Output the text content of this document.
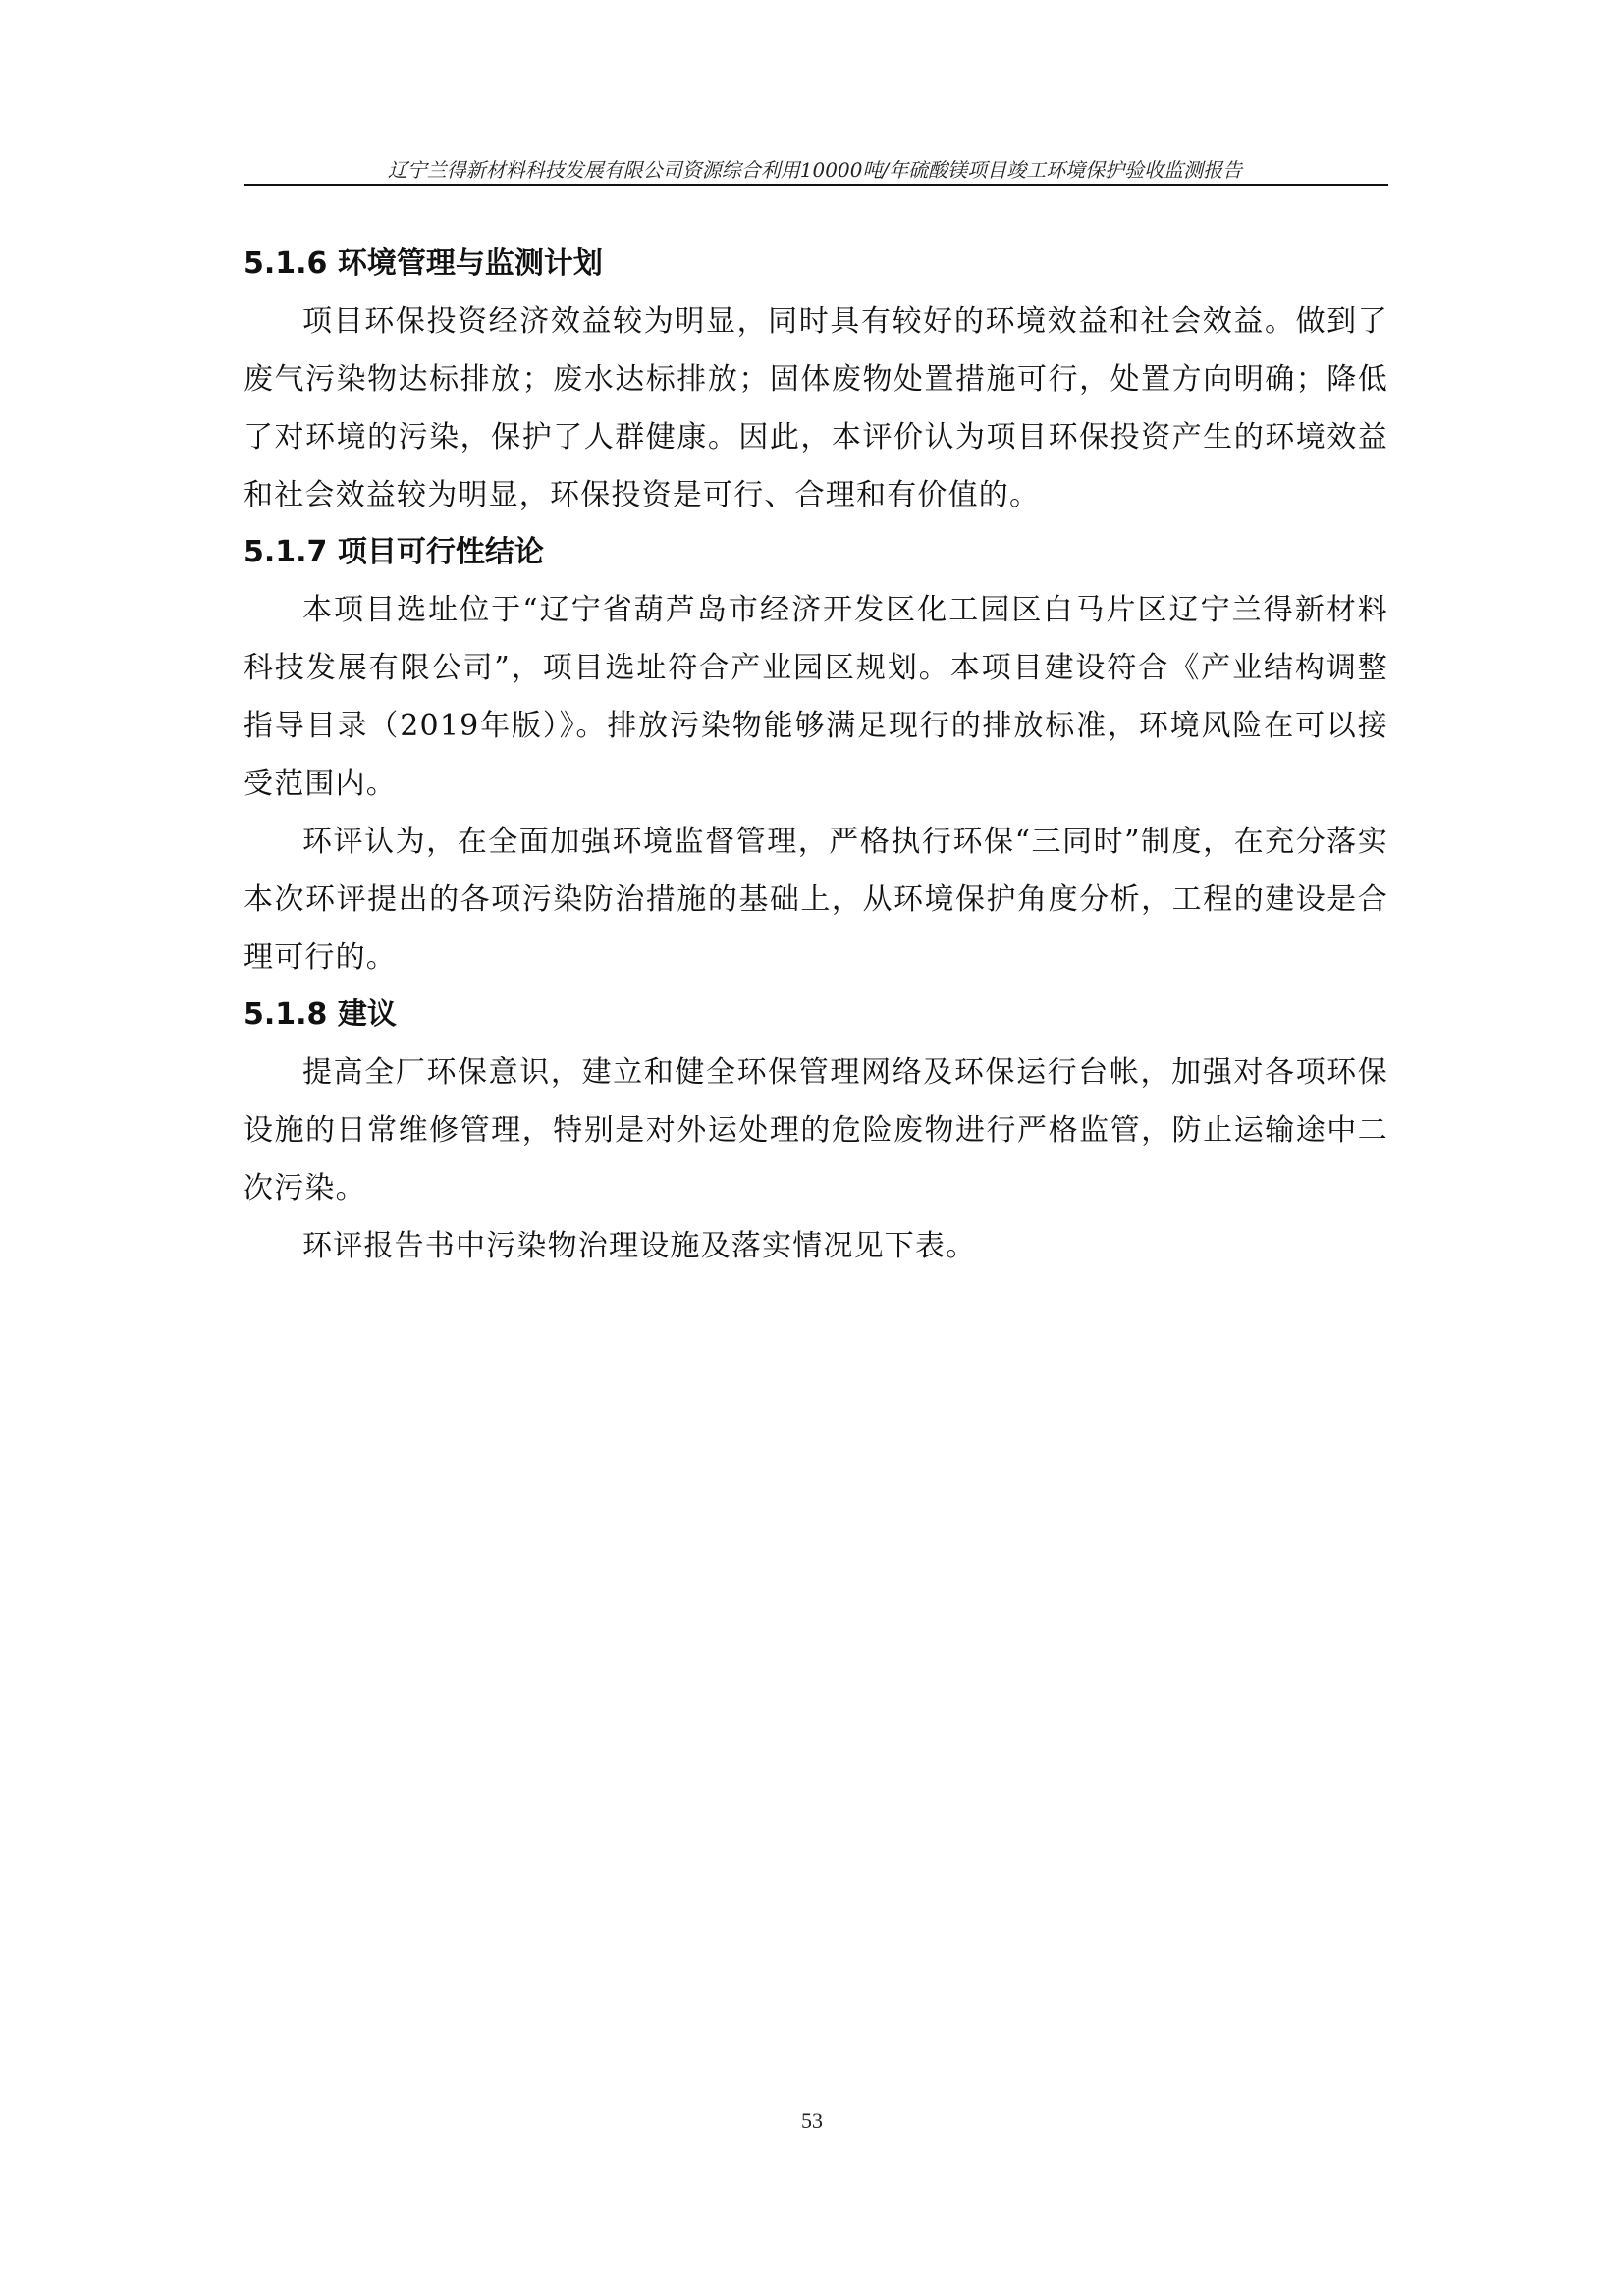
辽宁兰得新材料科技发展有限公司资源综合利用10000吨/年硫酸镁项目竣工环境保护验收监测报告
5.1.6 环境管理与监测计划

项目环保投资经济效益较为明显，同时具有较好的环境效益和社会效益。做到了废气污染物达标排放；废水达标排放；固体废物处置措施可行，处置方向明确；降低了对环境的污染，保护了人群健康。因此，本评价认为项目环保投资产生的环境效益和社会效益较为明显，环保投资是可行、合理和有价值的。

5.1.7 项目可行性结论

本项目选址位于“辽宁省葫芦岛市经济开发区化工园区白马片区辽宁兰得新材料科技发展有限公司”，项目选址符合产业园区规划。本项目建设符合《产业结构调整指导目录（2019年版）》。排放污染物能够满足现行的排放标准，环境风险在可以接受范围内。

环评认为，在全面加强环境监督管理，严格执行环保“三同时”制度，在充分落实本次环评提出的各项污染防治措施的基础上，从环境保护角度分析，工程的建设是合理可行的。

5.1.8 建议

提高全厂环保意识，建立和健全环保管理网络及环保运行台帐，加强对各项环保设施的日常维修管理，特别是对外运处理的危险废物进行严格监管，防止运输途中二次污染。

环评报告书中污染物治理设施及落实情况见下表。

53
